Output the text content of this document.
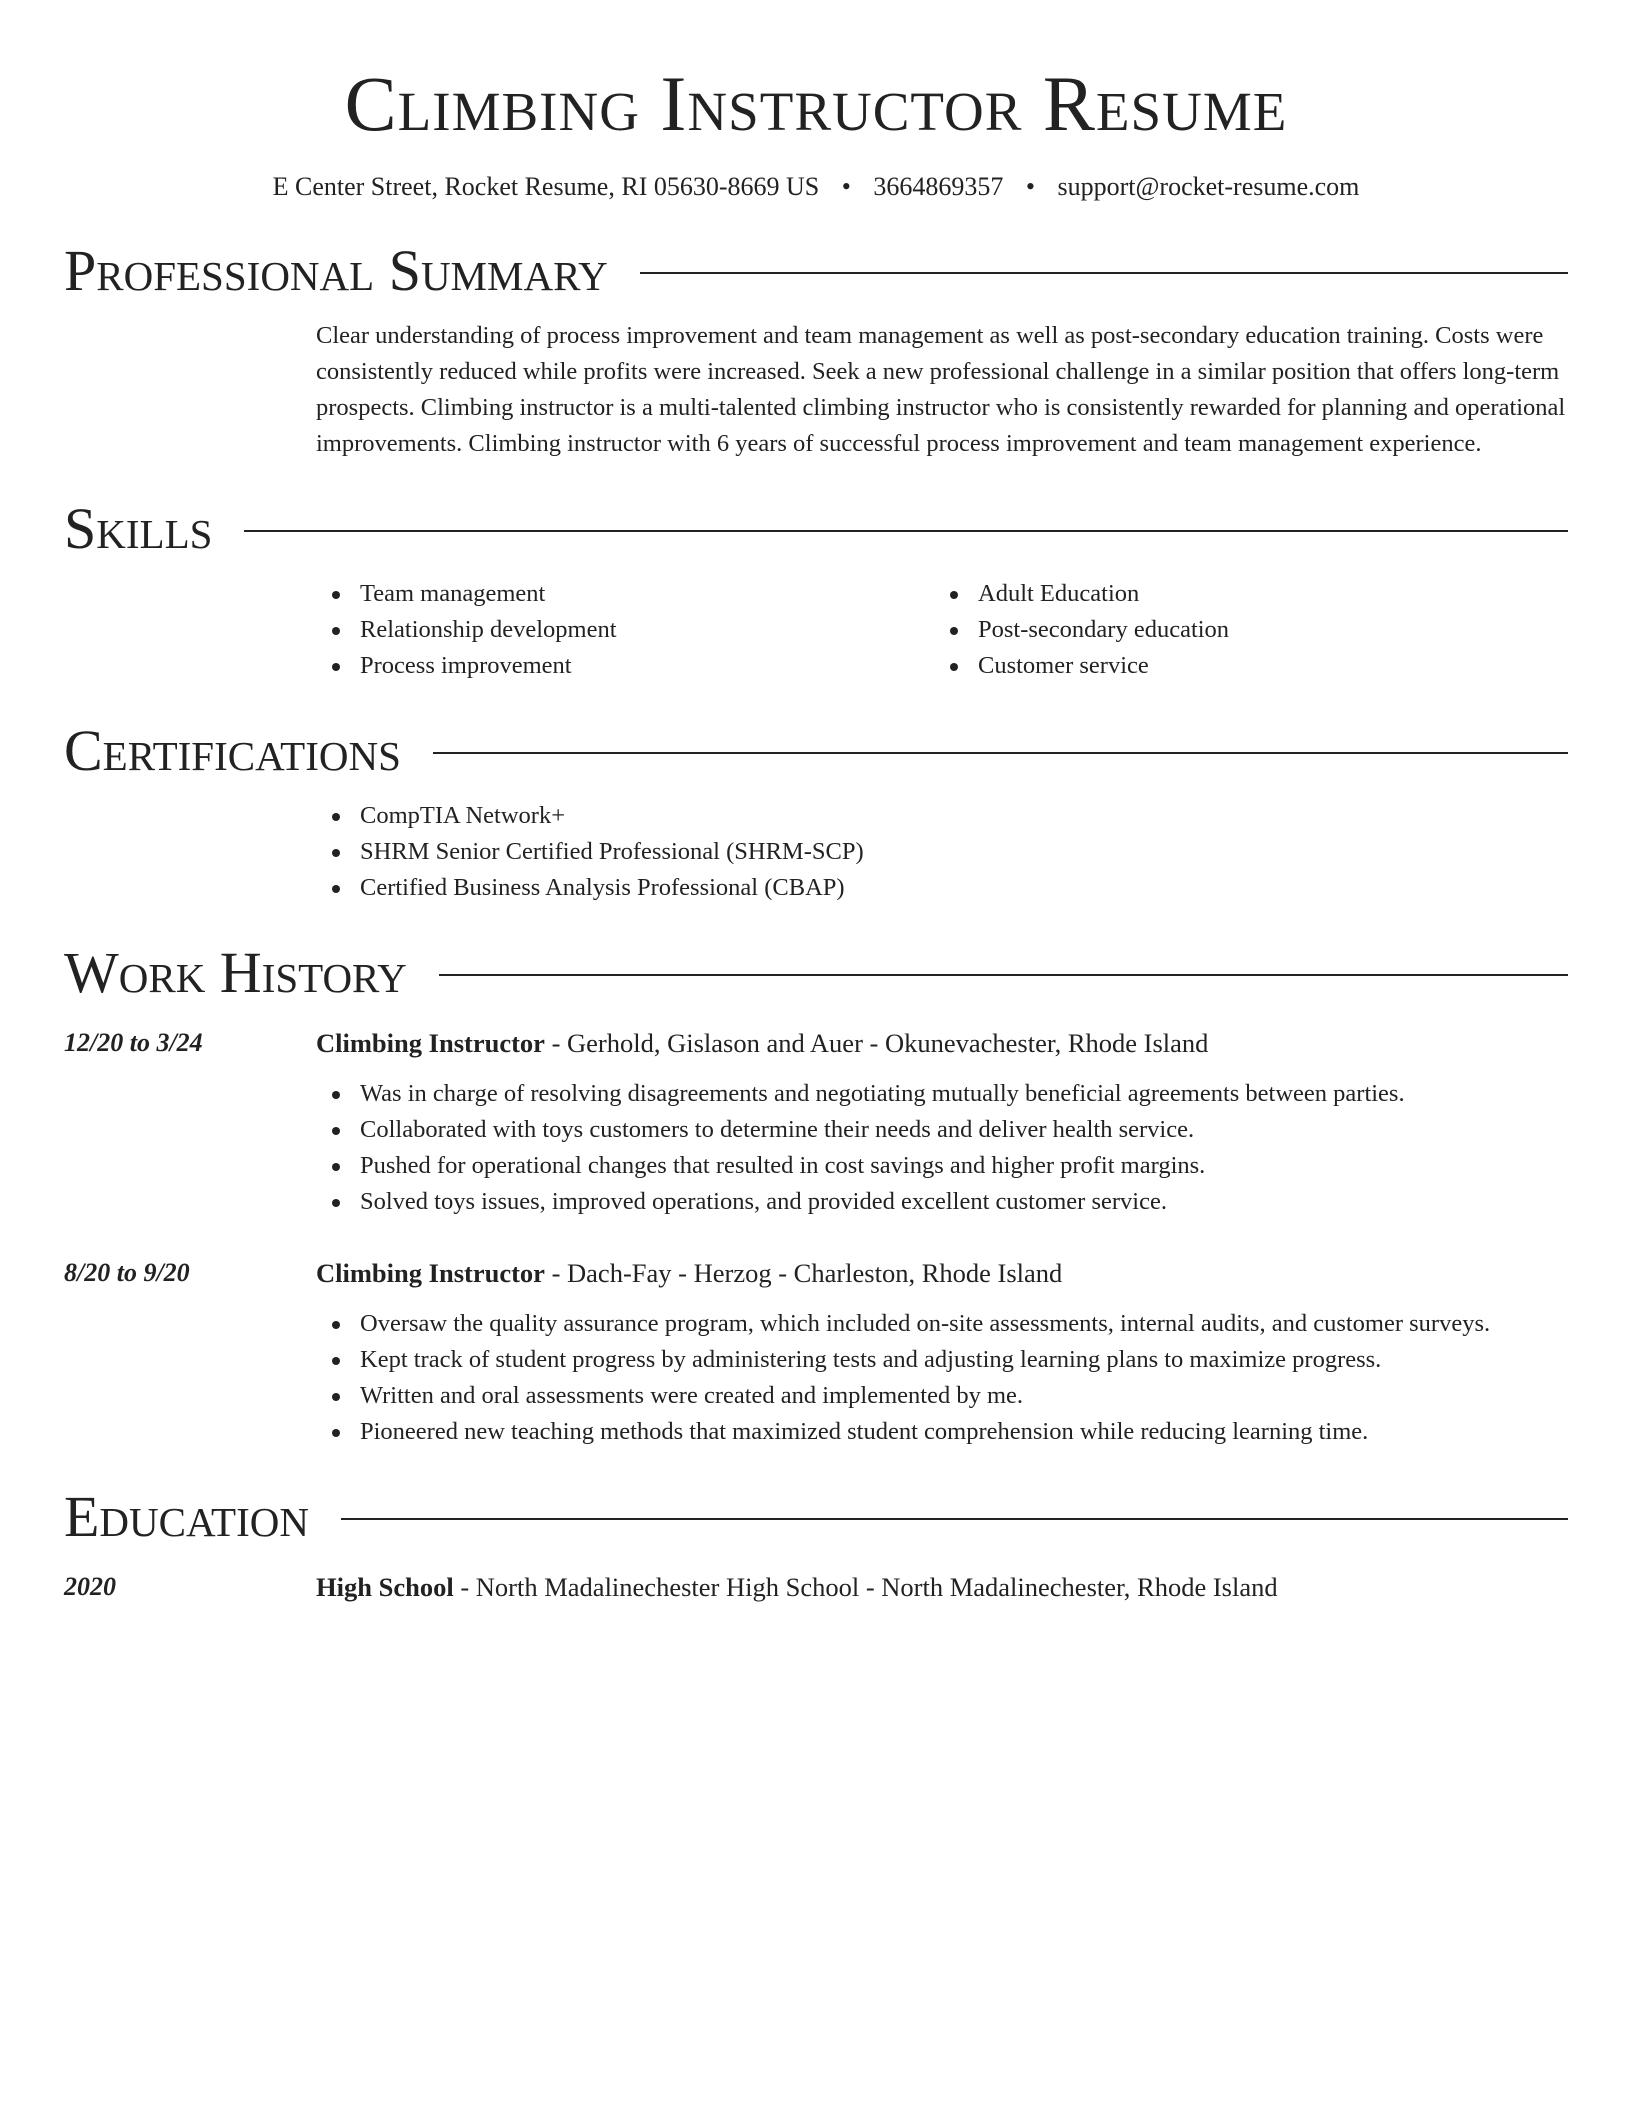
Climbing Instructor Resume
E Center Street, Rocket Resume, RI 05630-8669 US • 3664869357 • support@rocket-resume.com
Professional Summary
Clear understanding of process improvement and team management as well as post-secondary education training. Costs were consistently reduced while profits were increased. Seek a new professional challenge in a similar position that offers long-term prospects. Climbing instructor is a multi-talented climbing instructor who is consistently rewarded for planning and operational improvements. Climbing instructor with 6 years of successful process improvement and team management experience.
Skills
Team management
Relationship development
Process improvement
Adult Education
Post-secondary education
Customer service
Certifications
CompTIA Network+
SHRM Senior Certified Professional (SHRM-SCP)
Certified Business Analysis Professional (CBAP)
Work History
12/20 to 3/24	Climbing Instructor - Gerhold, Gislason and Auer - Okunevachester, Rhode Island
Was in charge of resolving disagreements and negotiating mutually beneficial agreements between parties.
Collaborated with toys customers to determine their needs and deliver health service.
Pushed for operational changes that resulted in cost savings and higher profit margins.
Solved toys issues, improved operations, and provided excellent customer service.
8/20 to 9/20	Climbing Instructor - Dach-Fay - Herzog - Charleston, Rhode Island
Oversaw the quality assurance program, which included on-site assessments, internal audits, and customer surveys.
Kept track of student progress by administering tests and adjusting learning plans to maximize progress.
Written and oral assessments were created and implemented by me.
Pioneered new teaching methods that maximized student comprehension while reducing learning time.
Education
2020	High School - North Madalinechester High School - North Madalinechester, Rhode Island
